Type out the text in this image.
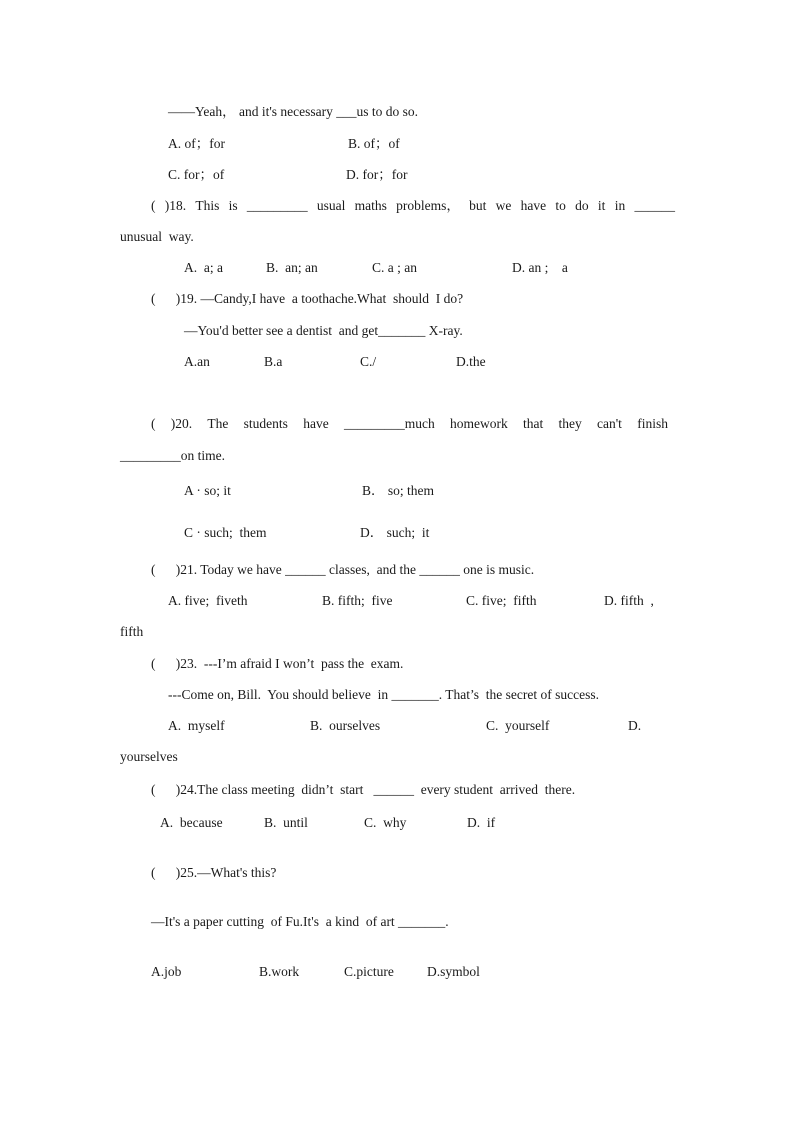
——Yeah， and it's necessary ___us to do so.

A. of；for

	B. of；of

C. for；of

	D. for；for

( )18. This is _________ usual maths problems， but we have to do it in ______
unusual  way.

A.  a; a

	B.  an; an

	C. a ; an

	D. an ;    a

(      )19. —Candy,I have  a toothache.What  should  I do?
—You'd better see a dentist  and get_______ X-ray.

A.an

	B.a

	C./

	D.the

( )20. The students have _________much homework that they can't finish
_________on time.

A · so; it

	B． so; them

C · such;  them

	D． such;  it

(      )21. Today we have ______ classes,  and the ______ one is music.

A. five;  fiveth

	B. fifth;  five

	C. five;  fifth

	D. fifth  ,

fifth
(      )23.  ---I’m afraid I won’t  pass the  exam.
---Come on, Bill.  You should believe  in _______. That’s  the secret of success.

A.  myself

	B.  ourselves

	C.  yourself

	D.

yourselves
(      )24.The class meeting  didn’t  start   ______  every student  arrived  there.

A.  because

	B.  until

	C.  why

	D.  if

(      )25.—What's this?
—It's a paper cutting  of Fu.It's  a kind  of art _______.

A.job

	B.work

	C.picture

D.symbol
